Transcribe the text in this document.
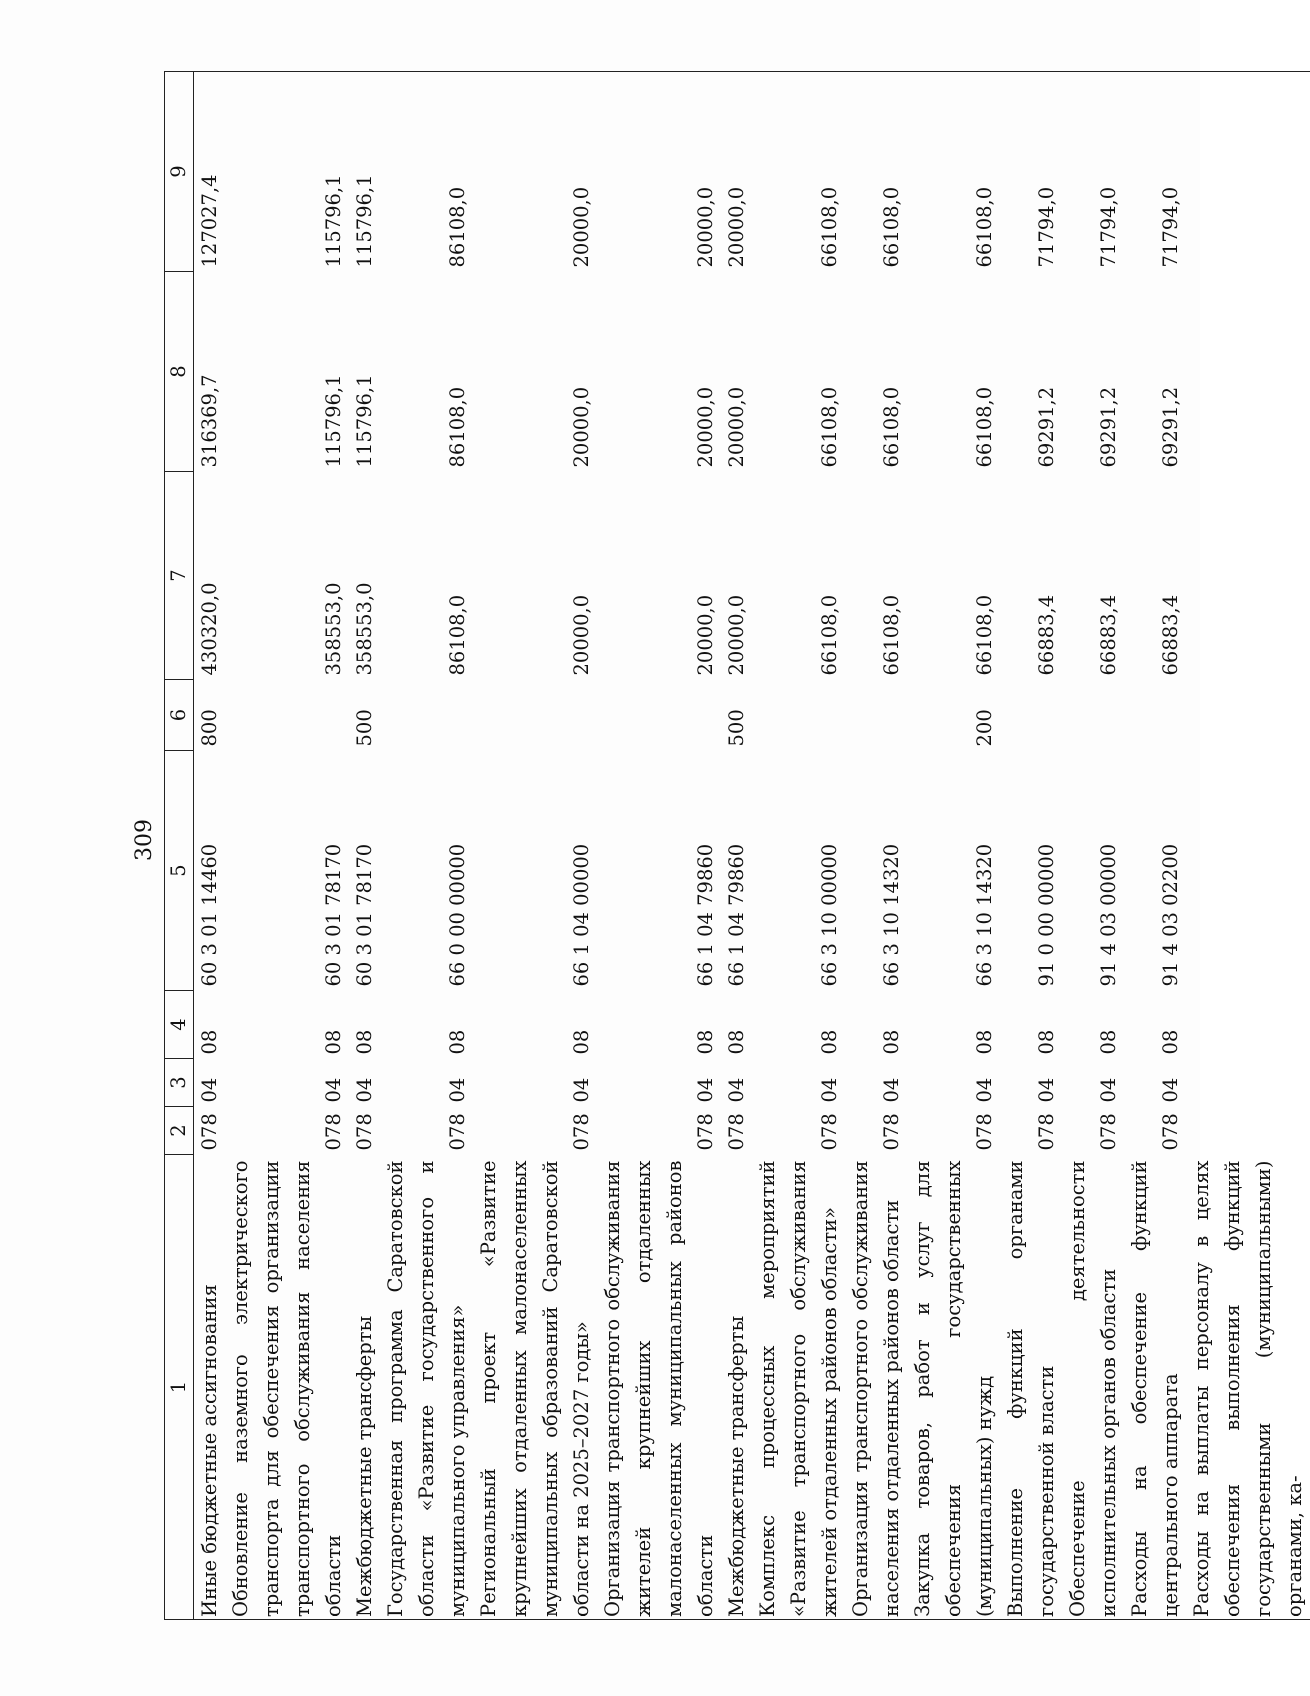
309
1	2	3	4	5	6	7	8	9
Иные бюджетные ассигнования	078	04	08	60 3 01 14460	800	430320,0	316369,7	127027,4
Обновление наземного электрического транспорта для обеспечения организации транспортного обслуживания населения области	078	04	08	60 3 01 78170		358553,0	115796,1	115796,1
Межбюджетные трансферты	078	04	08	60 3 01 78170	500	358553,0	115796,1	115796,1
Государственная программа Саратовской области «Развитие государственного и муниципального управления»	078	04	08	66 0 00 00000		86108,0	86108,0	86108,0
Региональный проект «Развитие крупнейших отдаленных малонаселенных муниципальных образований Саратовской области на 2025–2027 годы»	078	04	08	66 1 04 00000		20000,0	20000,0	20000,0
Организация транспортного обслуживания жителей крупнейших отдаленных малонаселенных муниципальных районов области	078	04	08	66 1 04 79860		20000,0	20000,0	20000,0
Межбюджетные трансферты	078	04	08	66 1 04 79860	500	20000,0	20000,0	20000,0
Комплекс процессных мероприятий «Развитие транспортного обслуживания жителей отдаленных районов области»	078	04	08	66 3 10 00000		66108,0	66108,0	66108,0
Организация транспортного обслуживания населения отдаленных районов области	078	04	08	66 3 10 14320		66108,0	66108,0	66108,0
Закупка товаров, работ и услуг для обеспечения государственных (муниципальных) нужд	078	04	08	66 3 10 14320	200	66108,0	66108,0	66108,0
Выполнение функций органами государственной власти	078	04	08	91 0 00 00000		66883,4	69291,2	71794,0
Обеспечение деятельности исполнительных органов области	078	04	08	91 4 03 00000		66883,4	69291,2	71794,0
Расходы на обеспечение функций центрального аппарата	078	04	08	91 4 03 02200		66883,4	69291,2	71794,0
Расходы на выплаты персоналу в целях обеспечения выполнения функций государственными (муниципальными) органами, ка-								
